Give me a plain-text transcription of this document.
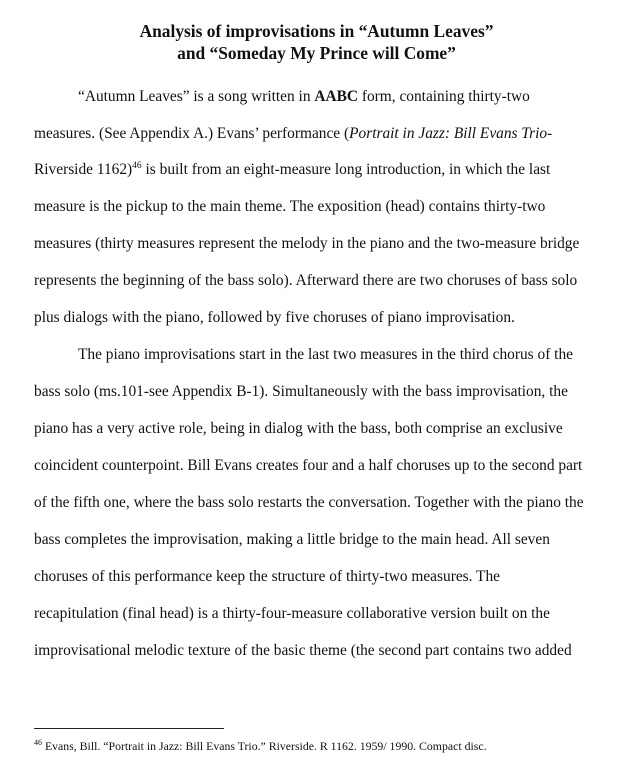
Analysis of improvisations in “Autumn Leaves”
and “Someday My Prince will Come”
“Autumn Leaves” is a song written in AABC form, containing thirty-two
measures. (See Appendix A.) Evans’ performance (Portrait in Jazz: Bill Evans Trio-
Riverside 1162)$^{46}$ is built from an eight-measure long introduction, in which the last
measure is the pickup to the main theme. The exposition (head) contains thirty-two
measures (thirty measures represent the melody in the piano and the two-measure bridge
represents the beginning of the bass solo). Afterward there are two choruses of bass solo
plus dialogs with the piano, followed by five choruses of piano improvisation.
The piano improvisations start in the last two measures in the third chorus of the
bass solo (ms.101-see Appendix B-1). Simultaneously with the bass improvisation, the
piano has a very active role, being in dialog with the bass, both comprise an exclusive
coincident counterpoint. Bill Evans creates four and a half choruses up to the second part
of the fifth one, where the bass solo restarts the conversation. Together with the piano the
bass completes the improvisation, making a little bridge to the main head. All seven
choruses of this performance keep the structure of thirty-two measures. The
recapitulation (final head) is a thirty-four-measure collaborative version built on the
improvisational melodic texture of the basic theme (the second part contains two added
$^{46}$ Evans, Bill. “Portrait in Jazz: Bill Evans Trio.” Riverside. R 1162. 1959/ 1990. Compact disc.
